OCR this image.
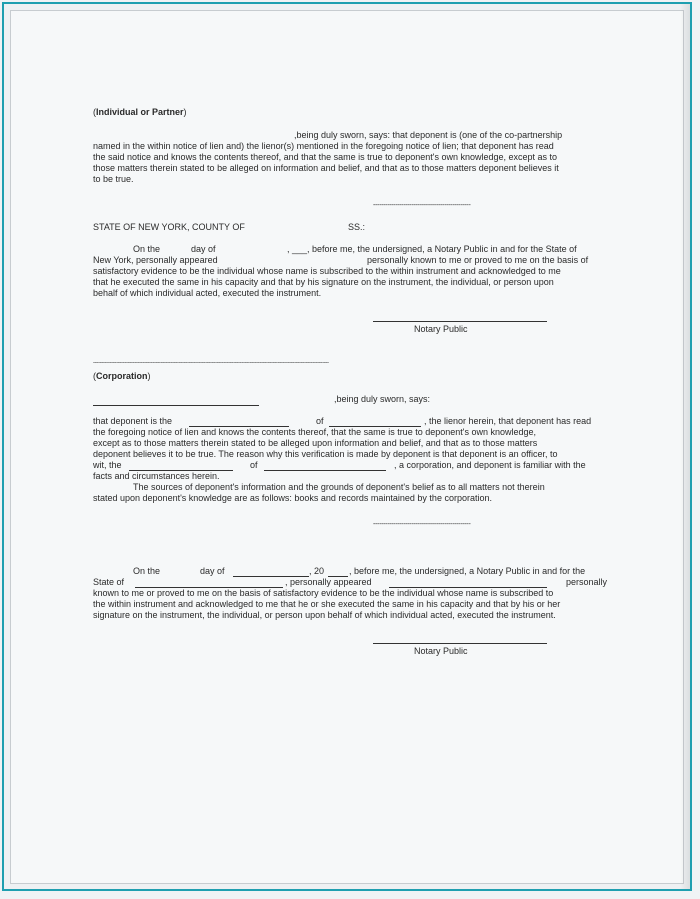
(Individual or Partner)
,being duly sworn, says: that deponent is (one of the co-partnership
named in the within notice of lien and) the lienor(s) mentioned in the foregoing notice of lien; that deponent has read
the said notice and knows the contents thereof, and that the same is true to deponent's own knowledge, except as to
those matters therein stated to be alleged on information and belief, and that as to those matters deponent believes it
to be true.
------------------------------------------------
STATE OF NEW YORK, COUNTY OF	SS.:
On the	day of	, ___, before me, the undersigned, a Notary Public in and for the State of
New York, personally appeared	personally known to me or proved to me on the basis of
satisfactory evidence to be the individual whose name is subscribed to the within instrument and acknowledged to me
that he executed the same in his capacity and that by his signature on the instrument, the individual, or person upon
behalf of which individual acted, executed the instrument.
Notary Public
-----------------------------------------------------------------------------------------------------------------------------------------------
(Corporation)
,being duly sworn, says:
that deponent is the	of	, the lienor herein, that deponent has read
the foregoing notice of lien and knows the contents thereof, that the same is true to deponent's own knowledge,
except as to those matters therein stated to be alleged upon information and belief, and that as to those matters
deponent believes it to be true. The reason why this verification is made by deponent is that deponent is an officer, to
wit, the	of	, a corporation, and deponent is familiar with the
facts and circumstances herein.
The sources of deponent's information and the grounds of deponent's belief as to all matters not therein
stated upon deponent's knowledge are as follows: books and records maintained by the corporation.
------------------------------------------------
On the	day of	, 20	, before me, the undersigned, a Notary Public in and for the
State of	, personally appeared	personally
known to me or proved to me on the basis of satisfactory evidence to be the individual whose name is subscribed to
the within instrument and acknowledged to me that he or she executed the same in his capacity and that by his or her
signature on the instrument, the individual, or person upon behalf of which individual acted, executed the instrument.
Notary Public
